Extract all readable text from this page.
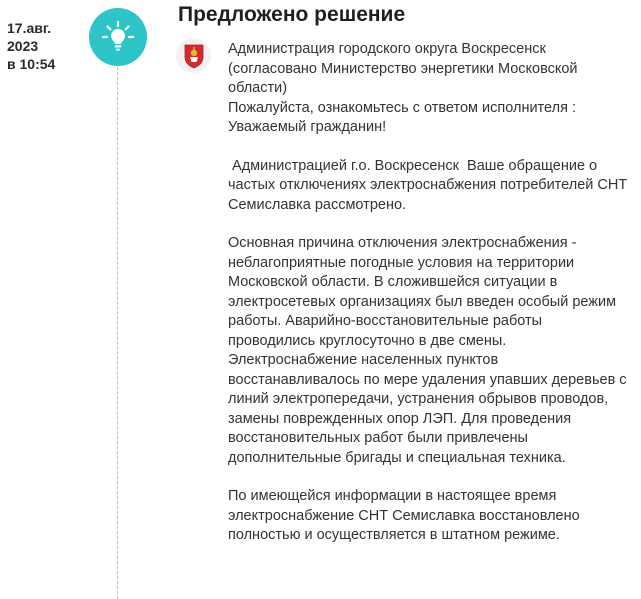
17.авг.
2023
в 10:54
Предложено решение

Администрация городского округа Воскресенск (согласовано Министерство энергетики Московской области)

Пожалуйста, ознакомьтесь с ответом исполнителя :
Уважаемый гражданин!

Администрацией г.о. Воскресенск  Ваше обращение о частых отключениях электроснабжения потребителей СНТ Семиславка рассмотрено.

Основная причина отключения электроснабжения - неблагоприятные погодные условия на территории Московской области. В сложившейся ситуации в электросетевых организациях был введен особый режим работы. Аварийно-восстановительные работы проводились круглосуточно в две смены. Электроснабжение населенных пунктов восстанавливалось по мере удаления упавших деревьев с линий электропередачи, устранения обрывов проводов, замены поврежденных опор ЛЭП. Для проведения восстановительных работ были привлечены дополнительные бригады и специальная техника.

По имеющейся информации в настоящее время электроснабжение СНТ Семиславка восстановлено полностью и осуществляется в штатном режиме.
